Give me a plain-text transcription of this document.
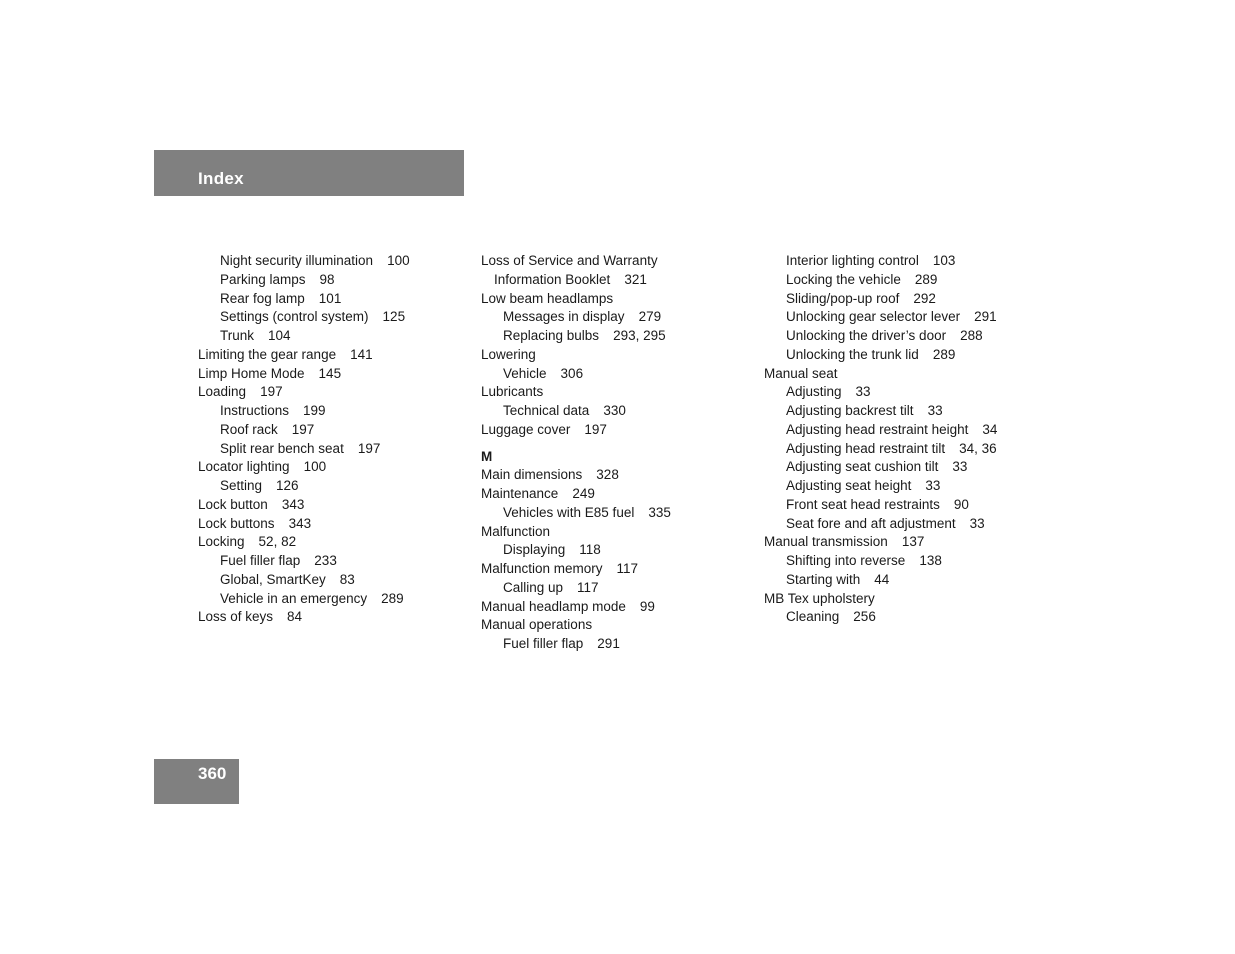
Index
Night security illumination 100
Parking lamps 98
Rear fog lamp 101
Settings (control system) 125
Trunk 104
Limiting the gear range 141
Limp Home Mode 145
Loading 197
Instructions 199
Roof rack 197
Split rear bench seat 197
Locator lighting 100
Setting 126
Lock button 343
Lock buttons 343
Locking 52, 82
Fuel filler flap 233
Global, SmartKey 83
Vehicle in an emergency 289
Loss of keys 84
Loss of Service and Warranty
Information Booklet 321
Low beam headlamps
Messages in display 279
Replacing bulbs 293, 295
Lowering
Vehicle 306
Lubricants
Technical data 330
Luggage cover 197
M
Main dimensions 328
Maintenance 249
Vehicles with E85 fuel 335
Malfunction
Displaying 118
Malfunction memory 117
Calling up 117
Manual headlamp mode 99
Manual operations
Fuel filler flap 291
Interior lighting control 103
Locking the vehicle 289
Sliding/pop-up roof 292
Unlocking gear selector lever 291
Unlocking the driver’s door 288
Unlocking the trunk lid 289
Manual seat
Adjusting 33
Adjusting backrest tilt 33
Adjusting head restraint height 34
Adjusting head restraint tilt 34, 36
Adjusting seat cushion tilt 33
Adjusting seat height 33
Front seat head restraints 90
Seat fore and aft adjustment 33
Manual transmission 137
Shifting into reverse 138
Starting with 44
MB Tex upholstery
Cleaning 256
360
